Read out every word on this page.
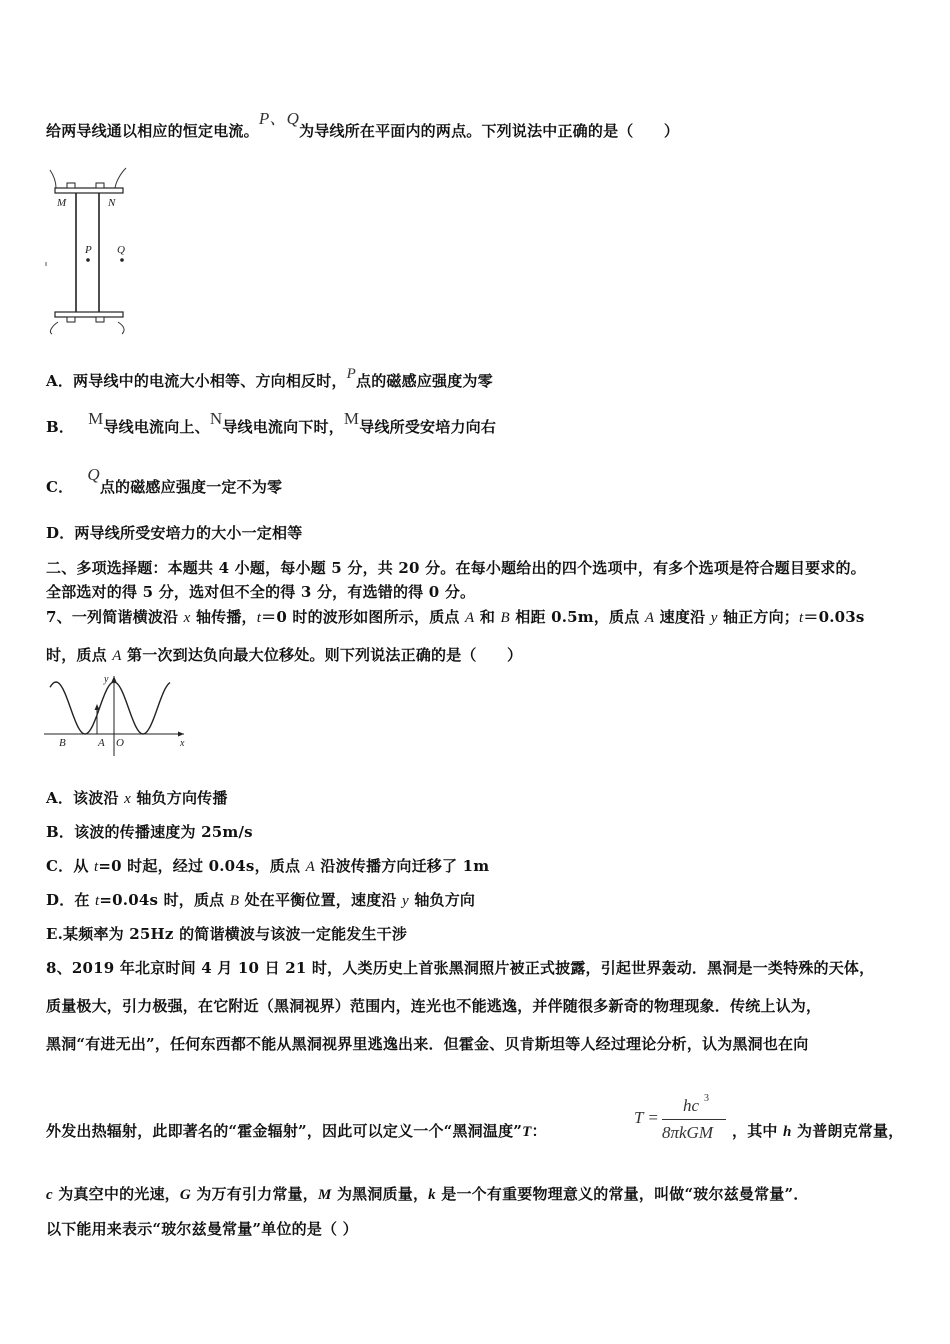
给两导线通以相应的恒定电流。P、Q为导线所在平面内的两点。下列说法中正确的是（　　）
M	N
P Q
A．两导线中的电流大小相等、方向相反时，P点的磁感应强度为零
B． M导线电流向上、N导线电流向下时，M导线所受安培力向右
C．Q点的磁感应强度一定不为零
D．两导线所受安培力的大小一定相等
二、多项选择题：本题共 4 小题，每小题 5 分，共 20 分。在每小题给出的四个选项中，有多个选项是符合题目要求的。
全部选对的得 5 分，选对但不全的得 3 分，有选错的得 0 分。
7、一列简谐横波沿 x 轴传播，t＝0 时的波形如图所示，质点 A 和 B 相距 0.5m，质点 A 速度沿 y 轴正方向；t＝0.03s
时，质点 A 第一次到达负向最大位移处。则下列说法正确的是（　　）
y
x
B	A O
A．该波沿 x 轴负方向传播
B．该波的传播速度为 25m/s
C．从 t=0 时起，经过 0.04s，质点 A 沿波传播方向迁移了 1m
D．在 t=0.04s 时，质点 B 处在平衡位置，速度沿 y 轴负方向
E.某频率为 25Hz 的简谐横波与该波一定能发生干涉
8、2019 年北京时间 4 月 10 日 21 时，人类历史上首张黑洞照片被正式披露，引起世界轰动．黑洞是一类特殊的天体，
质量极大，引力极强，在它附近（黑洞视界）范围内，连光也不能逃逸，并伴随很多新奇的物理现象．传统上认为，
黑洞“有进无出”，任何东西都不能从黑洞视界里逃逸出来．但霍金、贝肯斯坦等人经过理论分析，认为黑洞也在向
外发出热辐射，此即著名的“霍金辐射”，因此可以定义一个“黑洞温度”T：
T =
hc 3
8πkGM ，其中 h 为普朗克常量，
c 为真空中的光速，G 为万有引力常量，M 为黑洞质量，k 是一个有重要物理意义的常量，叫做“玻尔兹曼常量”．
以下能用来表示“玻尔兹曼常量”单位的是（ ）
